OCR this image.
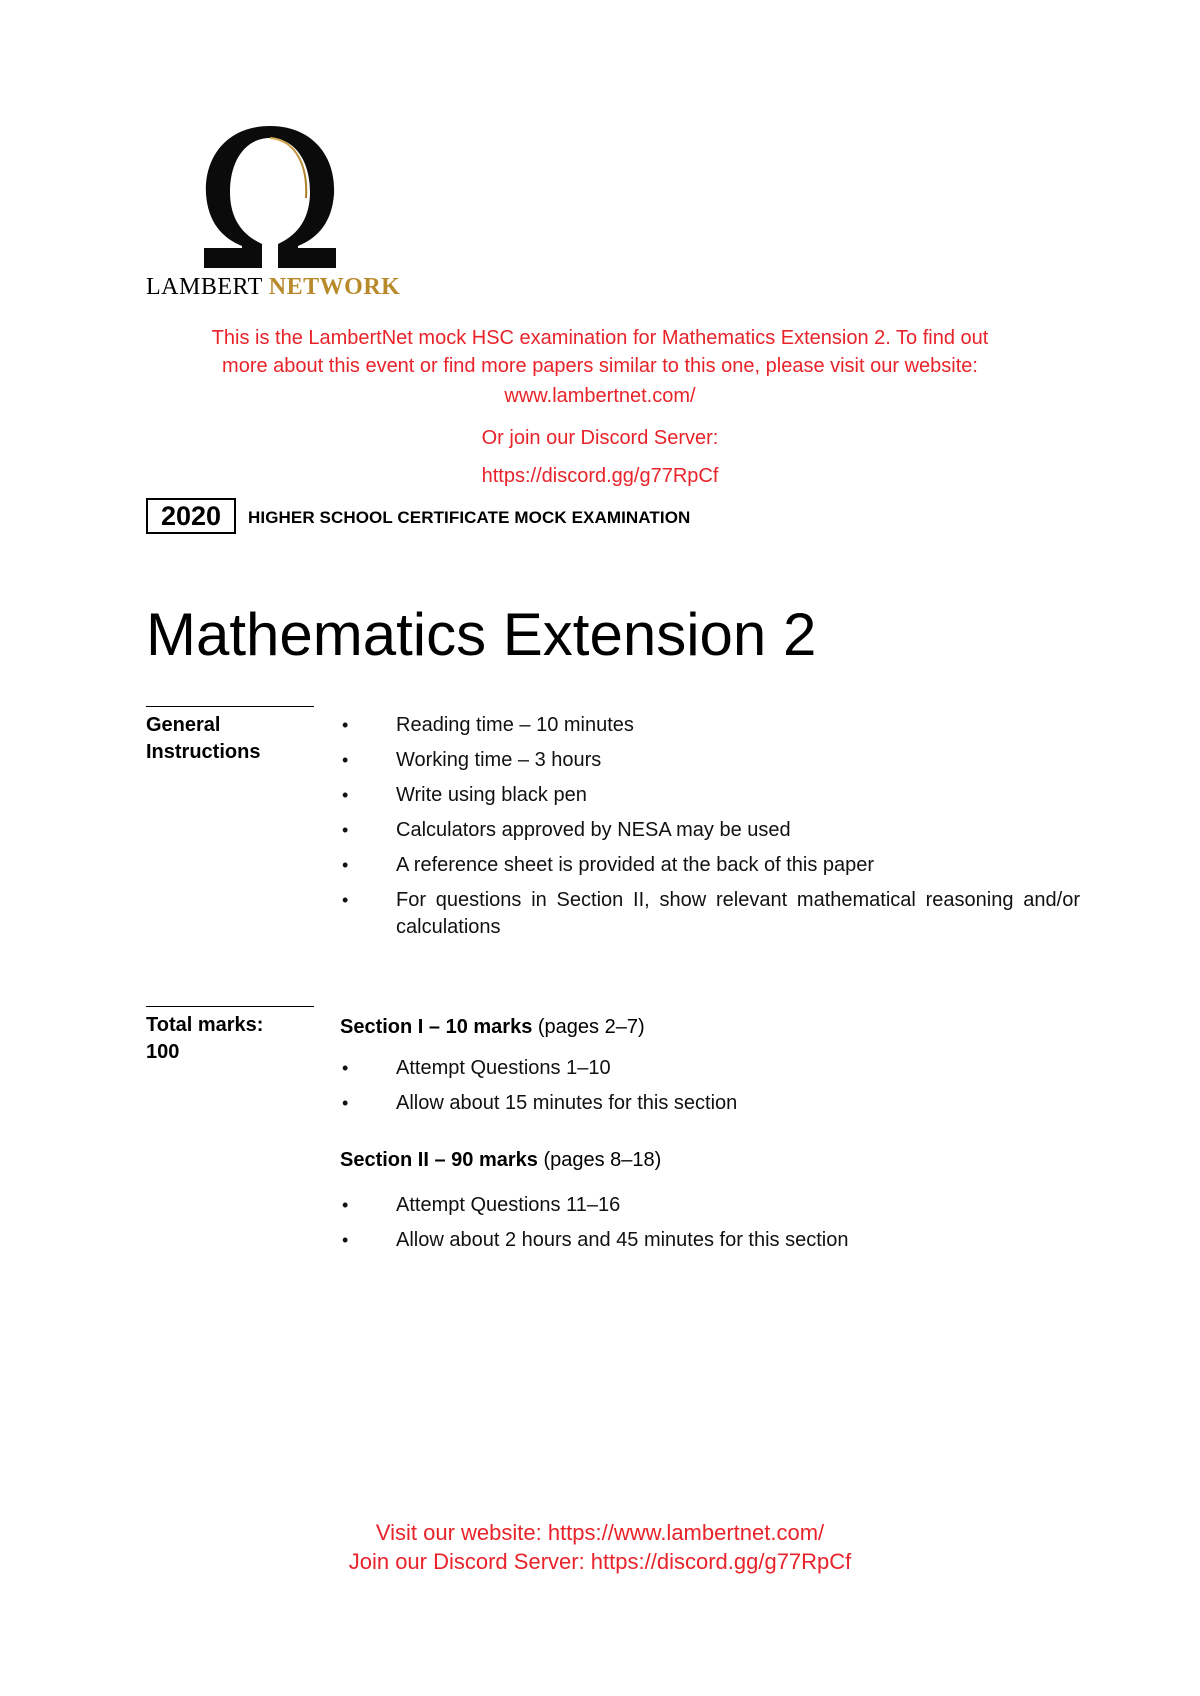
LAMBERT NETWORK
This is the LambertNet mock HSC examination for Mathematics Extension 2. To find out
more about this event or find more papers similar to this one, please visit our website:
www.lambertnet.com/
Or join our Discord Server:
https://discord.gg/g77RpCf
2020	HIGHER SCHOOL CERTIFICATE MOCK EXAMINATION
Mathematics Extension 2
General
Instructions
• Reading time – 10 minutes
• Working time – 3 hours
• Write using black pen
• Calculators approved by NESA may be used
• A reference sheet is provided at the back of this paper
• For questions in Section II, show relevant mathematical reasoning and/or calculations
Total marks:
100
Section I – 10 marks (pages 2–7)
• Attempt Questions 1–10
• Allow about 15 minutes for this section
Section II – 90 marks (pages 8–18)
• Attempt Questions 11–16
• Allow about 2 hours and 45 minutes for this section
Visit our website: https://www.lambertnet.com/
Join our Discord Server: https://discord.gg/g77RpCf
